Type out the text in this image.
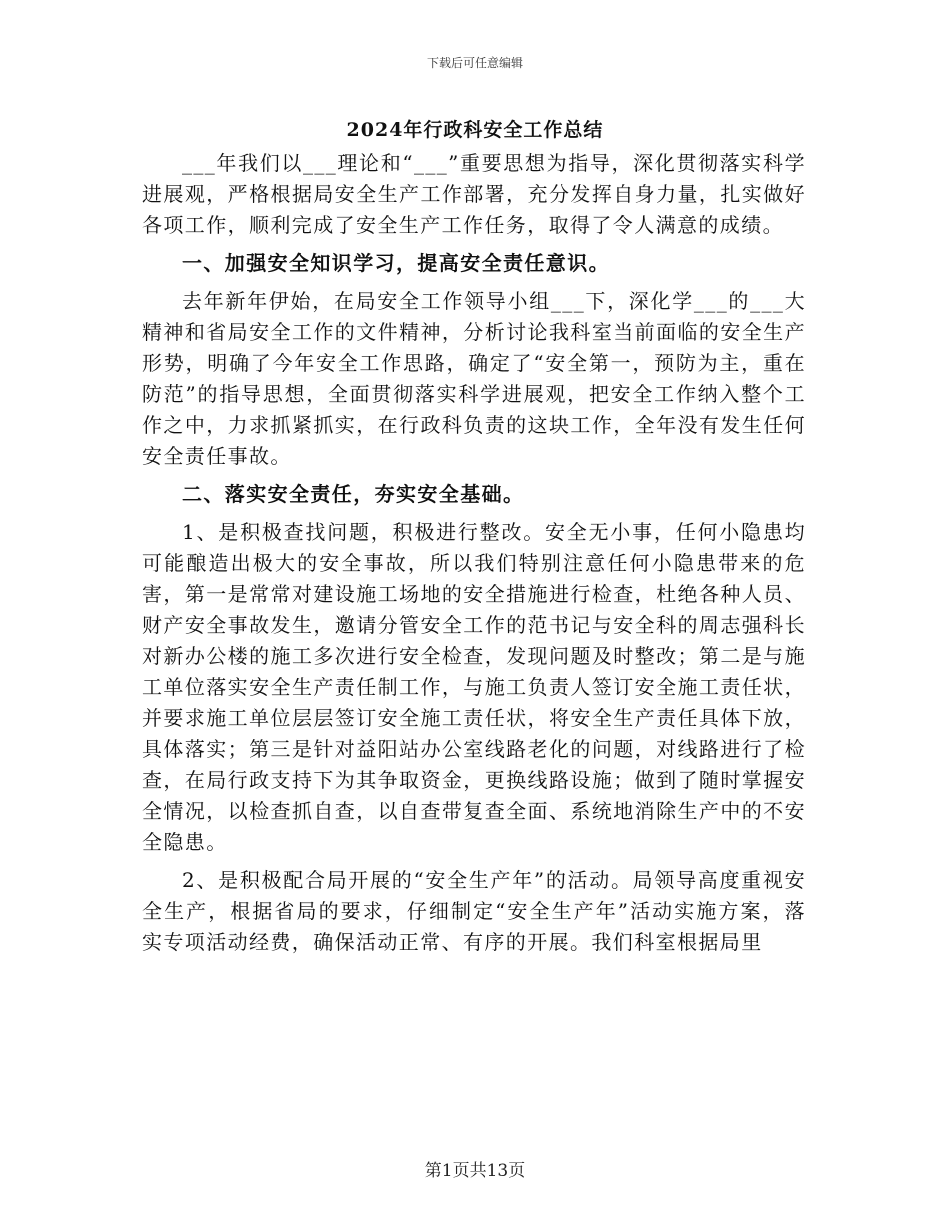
下载后可任意编辑
2024年行政科安全工作总结

___年我们以___理论和“___”重要思想为指导，深化贯彻落实科学进展观，严格根据局安全生产工作部署，充分发挥自身力量，扎实做好各项工作，顺利完成了安全生产工作任务，取得了令人满意的成绩。

一、加强安全知识学习，提高安全责任意识。

去年新年伊始，在局安全工作领导小组___下，深化学___的___大精神和省局安全工作的文件精神，分析讨论我科室当前面临的安全生产形势，明确了今年安全工作思路，确定了“安全第一，预防为主，重在防范”的指导思想，全面贯彻落实科学进展观，把安全工作纳入整个工作之中，力求抓紧抓实，在行政科负责的这块工作，全年没有发生任何安全责任事故。

二、落实安全责任，夯实安全基础。

1、是积极查找问题，积极进行整改。安全无小事，任何小隐患均可能酿造出极大的安全事故，所以我们特别注意任何小隐患带来的危害，第一是常常对建设施工场地的安全措施进行检查，杜绝各种人员、财产安全事故发生，邀请分管安全工作的范书记与安全科的周志强科长对新办公楼的施工多次进行安全检查，发现问题及时整改；第二是与施工单位落实安全生产责任制工作，与施工负责人签订安全施工责任状，并要求施工单位层层签订安全施工责任状，将安全生产责任具体下放，具体落实；第三是针对益阳站办公室线路老化的问题，对线路进行了检查，在局行政支持下为其争取资金，更换线路设施；做到了随时掌握安全情况，以检查抓自查，以自查带复查全面、系统地消除生产中的不安全隐患。

2、是积极配合局开展的“安全生产年”的活动。局领导高度重视安全生产，根据省局的要求，仔细制定“安全生产年”活动实施方案，落实专项活动经费，确保活动正常、有序的开展。我们科室根据局里

第1页共13页
